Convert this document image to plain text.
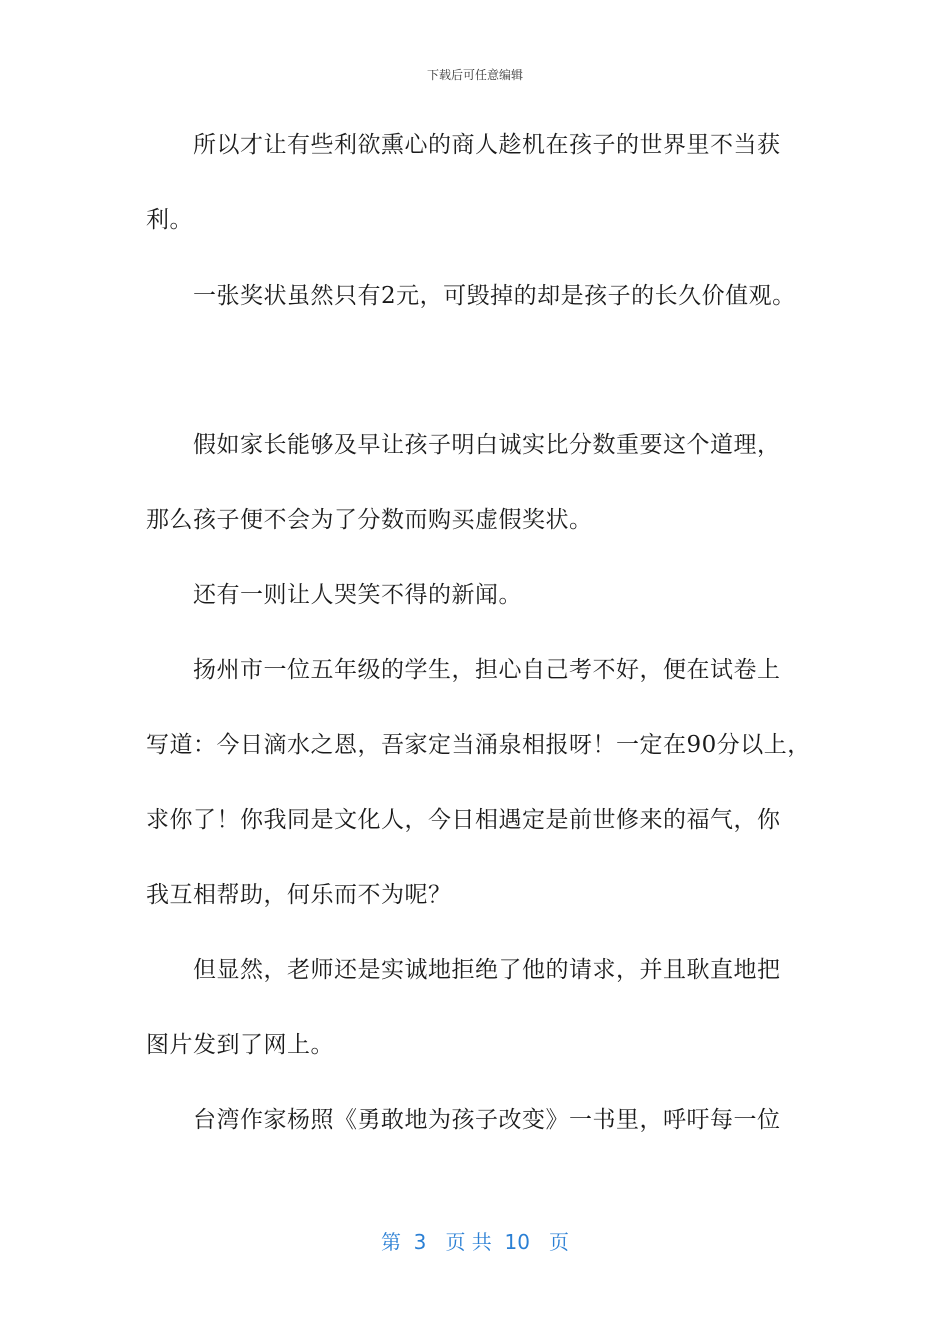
下载后可任意编辑
所以才让有些利欲熏心的商人趁机在孩子的世界里不当获
利。
一张奖状虽然只有2元，可毁掉的却是孩子的长久价值观。
假如家长能够及早让孩子明白诚实比分数重要这个道理，
那么孩子便不会为了分数而购买虚假奖状。
还有一则让人哭笑不得的新闻。
扬州市一位五年级的学生，担心自己考不好，便在试卷上
写道：今日滴水之恩，吾家定当涌泉相报呀！一定在90分以上，
求你了！你我同是文化人，今日相遇定是前世修来的福气，你
我互相帮助，何乐而不为呢？
但显然，老师还是实诚地拒绝了他的请求，并且耿直地把
图片发到了网上。
台湾作家杨照《勇敢地为孩子改变》一书里，呼吁每一位
第  3   页 共  10   页
